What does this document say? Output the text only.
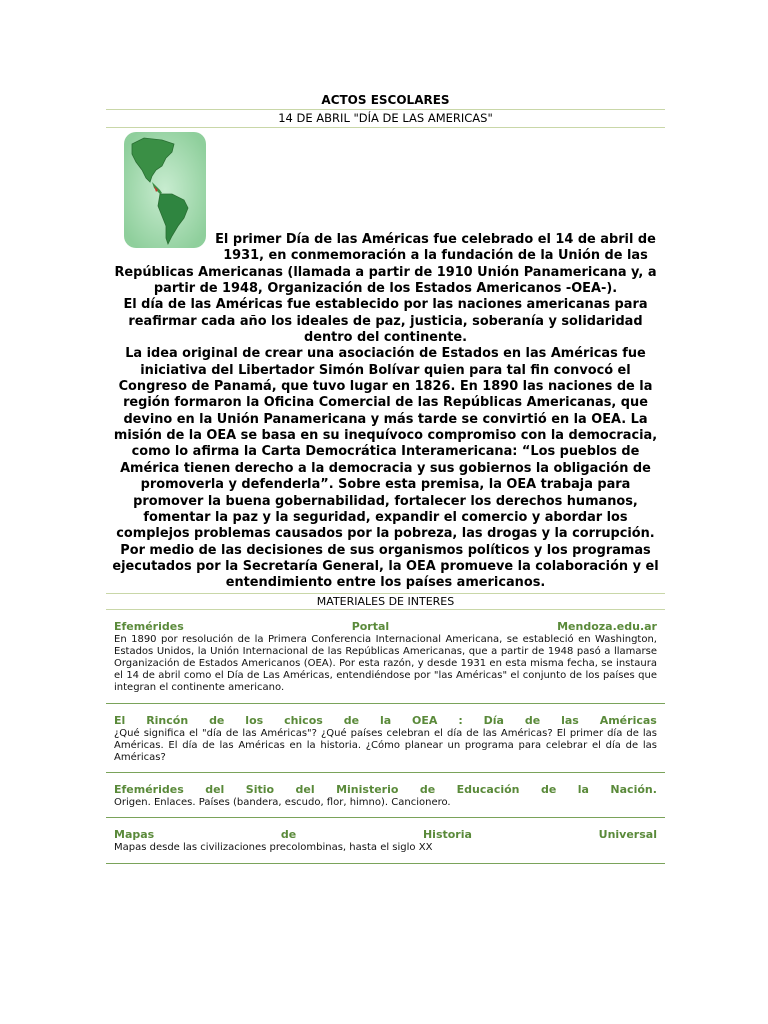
ACTOS ESCOLARES
14 DE ABRIL "DÍA DE LAS AMERICAS"

El primer Día de las Américas fue celebrado el 14 de abril de 1931, en conmemoración a la fundación de la Unión de las Repúblicas Americanas (llamada a partir de 1910 Unión Panamericana y, a partir de 1948, Organización de los Estados Americanos -OEA-).

El día de las Américas fue establecido por las naciones americanas para reafirmar cada año los ideales de paz, justicia, soberanía y solidaridad dentro del continente.

La idea original de crear una asociación de Estados en las Américas fue iniciativa del Libertador Simón Bolívar quien para tal fin convocó el Congreso de Panamá, que tuvo lugar en 1826. En 1890 las naciones de la región formaron la Oficina Comercial de las Repúblicas Americanas, que devino en la Unión Panamericana y más tarde se convirtió en la OEA. La misión de la OEA se basa en su inequívoco compromiso con la democracia, como lo afirma la Carta Democrática Interamericana: “Los pueblos de América tienen derecho a la democracia y sus gobiernos la obligación de promoverla y defenderla”. Sobre esta premisa, la OEA trabaja para promover la buena gobernabilidad, fortalecer los derechos humanos, fomentar la paz y la seguridad, expandir el comercio y abordar los complejos problemas causados por la pobreza, las drogas y la corrupción. Por medio de las decisiones de sus organismos políticos y los programas ejecutados por la Secretaría General, la OEA promueve la colaboración y el entendimiento entre los países americanos.

MATERIALES DE INTERES
Efemérides	Portal	Mendoza.edu.ar
En 1890 por resolución de la Primera Conferencia Internacional Americana, se estableció en Washington, Estados Unidos, la Unión Internacional de las Repúblicas Americanas, que a partir de 1948 pasó a llamarse Organización de Estados Americanos (OEA). Por esta razón, y desde 1931 en esta misma fecha, se instaura el 14 de abril como el Día de Las Américas, entendiéndose por "las Américas" el conjunto de los países que integran el continente americano.
El Rincón de los chicos de la OEA : Día de las Américas
¿Qué significa el "día de las Américas"? ¿Qué países celebran el día de las Américas? El primer día de las Américas. El día de las Américas en la historia. ¿Cómo planear un programa para celebrar el día de las Américas?
Efemérides del Sitio del Ministerio de Educación de la Nación.
Origen. Enlaces. Países (bandera, escudo, flor, himno). Cancionero.
Mapas	de	Historia	Universal
Mapas desde las civilizaciones precolombinas, hasta el siglo XX
